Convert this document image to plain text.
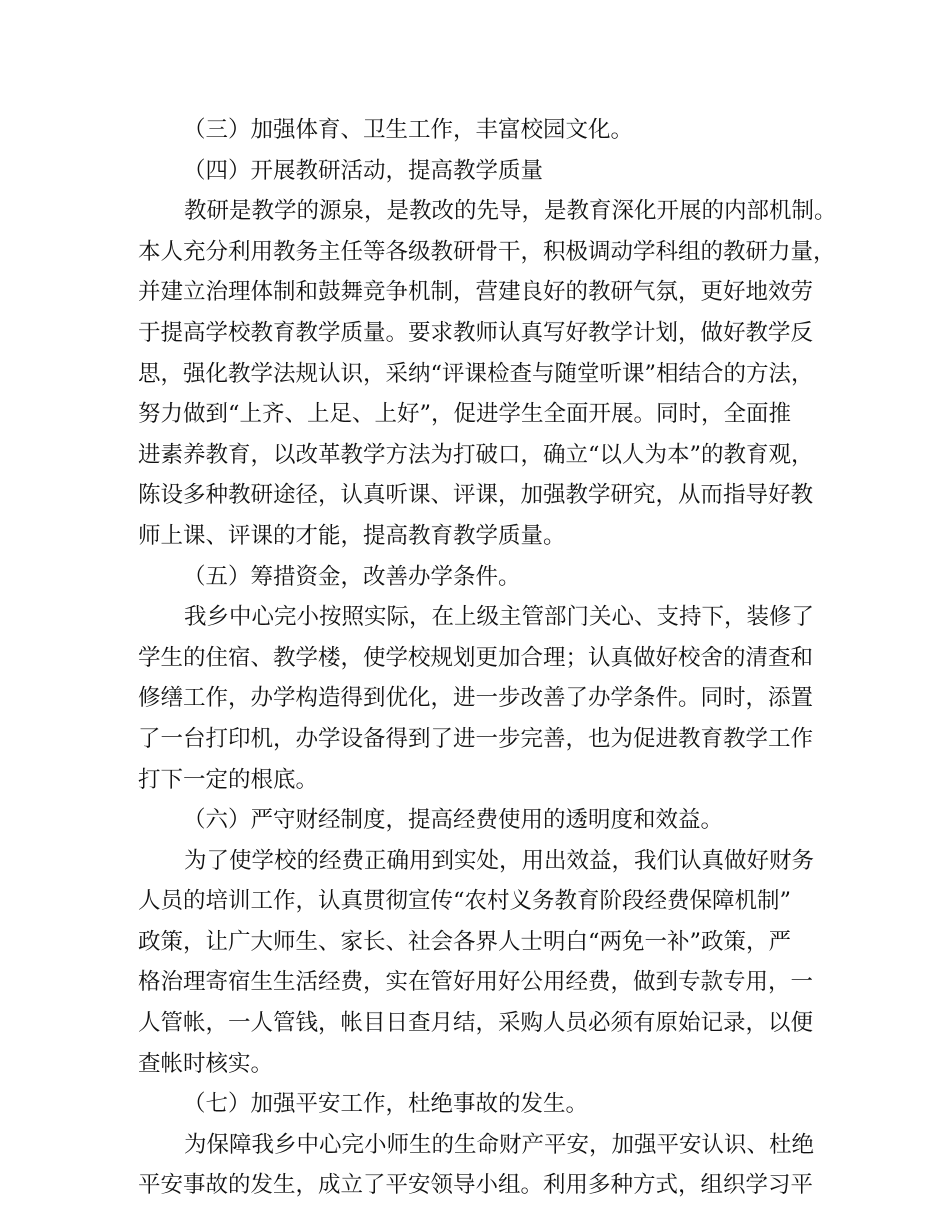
（三）加强体育、卫生工作，丰富校园文化。
（四）开展教研活动，提高教学质量
教研是教学的源泉，是教改的先导，是教育深化开展的内部机制。
本人充分利用教务主任等各级教研骨干，积极调动学科组的教研力量，
并建立治理体制和鼓舞竞争机制，营建良好的教研气氛，更好地效劳
于提高学校教育教学质量。要求教师认真写好教学计划，做好教学反
思，强化教学法规认识，采纳“评课检查与随堂听课”相结合的方法，
努力做到“上齐、上足、上好”，促进学生全面开展。同时，全面推
进素养教育，以改革教学方法为打破口，确立“以人为本”的教育观，
陈设多种教研途径，认真听课、评课，加强教学研究，从而指导好教
师上课、评课的才能，提高教育教学质量。
（五）筹措资金，改善办学条件。
我乡中心完小按照实际，在上级主管部门关心、支持下，装修了
学生的住宿、教学楼，使学校规划更加合理；认真做好校舍的清查和
修缮工作，办学构造得到优化，进一步改善了办学条件。同时，添置
了一台打印机，办学设备得到了进一步完善，也为促进教育教学工作
打下一定的根底。
（六）严守财经制度，提高经费使用的透明度和效益。
为了使学校的经费正确用到实处，用出效益，我们认真做好财务
人员的培训工作，认真贯彻宣传“农村义务教育阶段经费保障机制”
政策，让广大师生、家长、社会各界人士明白“两免一补”政策，严
格治理寄宿生生活经费，实在管好用好公用经费，做到专款专用，一
人管帐，一人管钱，帐目日查月结，采购人员必须有原始记录，以便
查帐时核实。
（七）加强平安工作，杜绝事故的发生。
为保障我乡中心完小师生的生命财产平安，加强平安认识、杜绝
平安事故的发生，成立了平安领导小组。利用多种方式，组织学习平
